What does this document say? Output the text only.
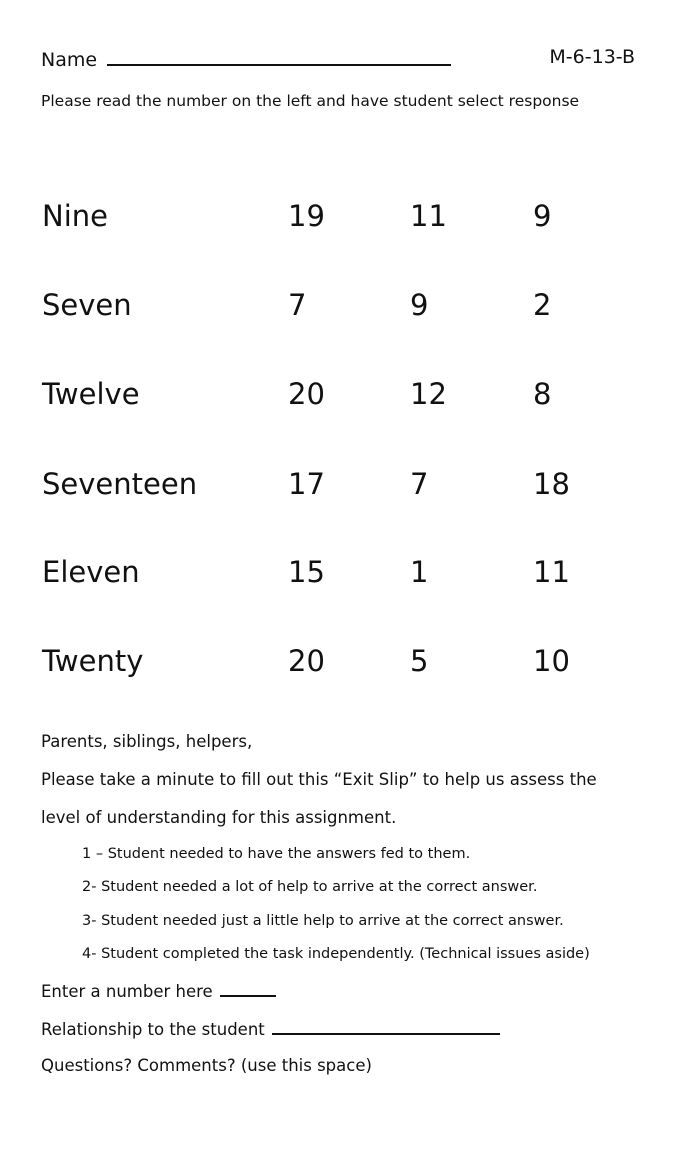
Name	M-6-13-B
Please read the number on the left and have student select response
Nine	19	11	9
Seven	7	9	2
Twelve	20	12	8
Seventeen	17	7	18
Eleven	15	1	11
Twenty	20	5	10
Parents, siblings, helpers,
Please take a minute to fill out this “Exit Slip” to help us assess the
level of understanding for this assignment.
1 – Student needed to have the answers fed to them.
2- Student needed a lot of help to arrive at the correct answer.
3- Student needed just a little help to arrive at the correct answer.
4- Student completed the task independently. (Technical issues aside)
Enter a number here
Relationship to the student
Questions? Comments? (use this space)
